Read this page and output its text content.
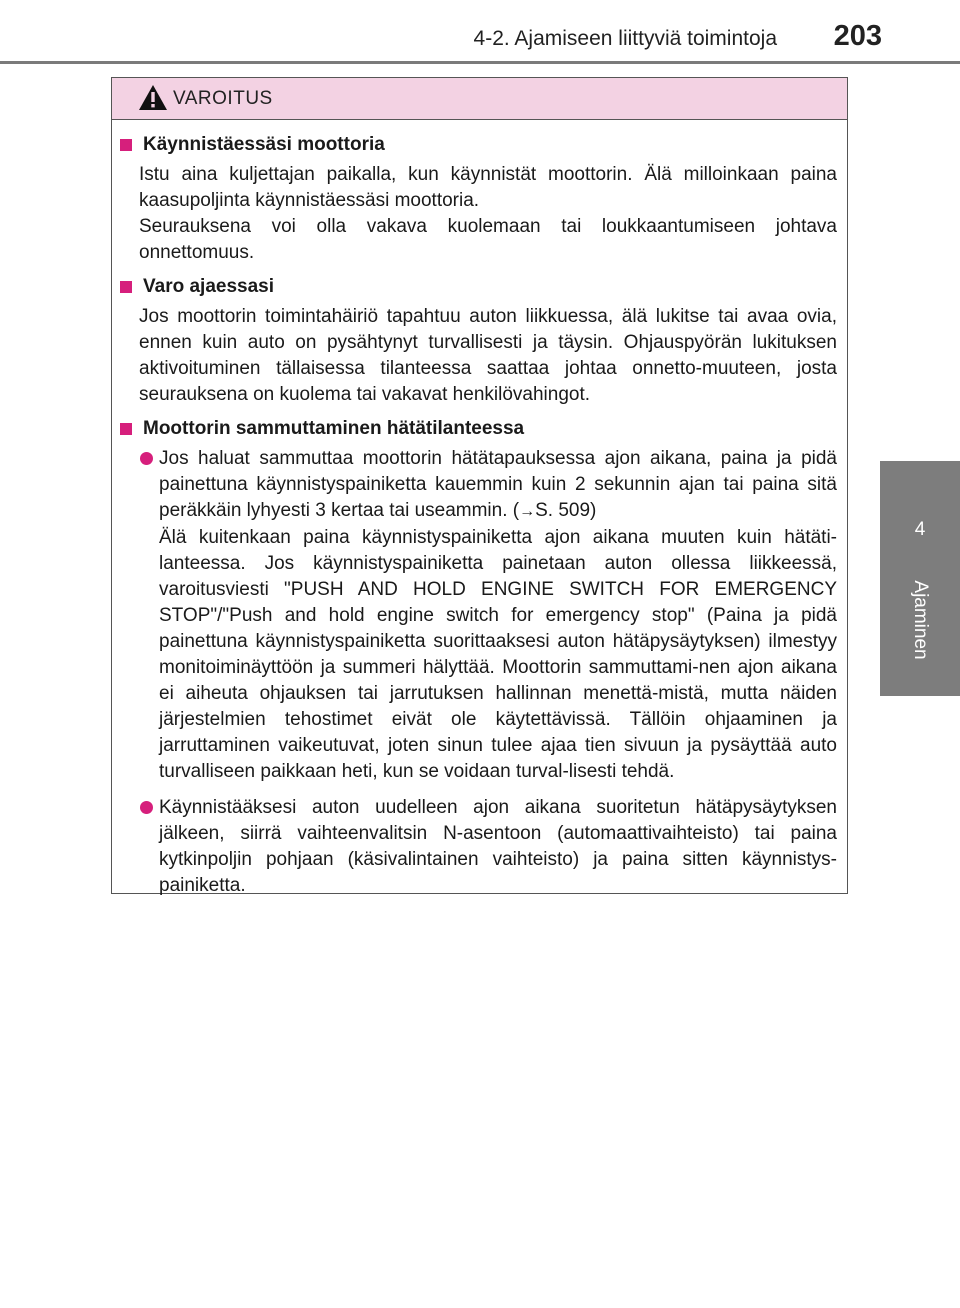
4-2. Ajamiseen liittyviä toimintoja 203
4
Ajaminen
VAROITUS
Käynnistäessäsi moottoria
Istu aina kuljettajan paikalla, kun käynnistät moottorin. Älä milloinkaan paina kaasupoljinta käynnistäessäsi moottoria.
Seurauksena voi olla vakava kuolemaan tai loukkaantumiseen johtava onnettomuus.
Varo ajaessasi
Jos moottorin toimintahäiriö tapahtuu auton liikkuessa, älä lukitse tai avaa ovia, ennen kuin auto on pysähtynyt turvallisesti ja täysin. Ohjauspyörän lukituksen aktivoituminen tällaisessa tilanteessa saattaa johtaa onnetto-muuteen, josta seurauksena on kuolema tai vakavat henkilövahingot.
Moottorin sammuttaminen hätätilanteessa
Jos haluat sammuttaa moottorin hätätapauksessa ajon aikana, paina ja pidä painettuna käynnistyspainiketta kauemmin kuin 2 sekunnin ajan tai paina sitä peräkkäin lyhyesti 3 kertaa tai useammin. (→S. 509)
Älä kuitenkaan paina käynnistyspainiketta ajon aikana muuten kuin hätäti-lanteessa. Jos käynnistyspainiketta painetaan auton ollessa liikkeessä, varoitusviesti "PUSH AND HOLD ENGINE SWITCH FOR EMERGENCY STOP"/"Push and hold engine switch for emergency stop" (Paina ja pidä painettuna käynnistyspainiketta suorittaaksesi auton hätäpysäytyksen) ilmestyy monitoiminäyttöön ja summeri hälyttää. Moottorin sammuttami-nen ajon aikana ei aiheuta ohjauksen tai jarrutuksen hallinnan menettä-mistä, mutta näiden järjestelmien tehostimet eivät ole käytettävissä. Tällöin ohjaaminen ja jarruttaminen vaikeutuvat, joten sinun tulee ajaa tien sivuun ja pysäyttää auto turvalliseen paikkaan heti, kun se voidaan turval-lisesti tehdä.
Käynnistääksesi auton uudelleen ajon aikana suoritetun hätäpysäytyksen jälkeen, siirrä vaihteenvalitsin N-asentoon (automaattivaihteisto) tai paina kytkinpoljin pohjaan (käsivalintainen vaihteisto) ja paina sitten käynnistys-painiketta.
